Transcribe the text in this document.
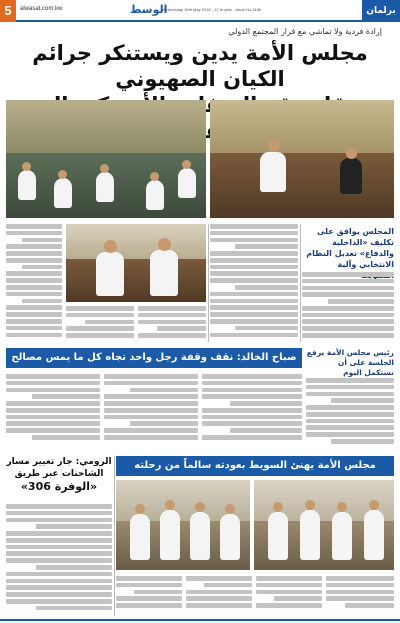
5	alwasat.com.kw	الوسط
Wednesday 16th May 2018 - 12 th year - Issue No.3186	برلمان
إرادة فردية ولا تماشي مع قرار المجتمع الدولي
مجلس الأمة يدين ويستنكر جرائم الكيان الصهيوني
المجلس يوافق على تكليف «الداخلية والدفاع» تعديل النظام الانتخابي وآلية
صباح الخالد: نقف وقفة رجل واحد تجاه كل ما يمس مصالح	رئيس مجلس الأمة يرفع الجلسة على أن تستكمل اليوم
الرومي: جار تغيير مسار
الشاحنات عبر طريق
«الوفرة 306»
مجلس الأمة يهنئ السويط بعودته سالماً من رحلته
